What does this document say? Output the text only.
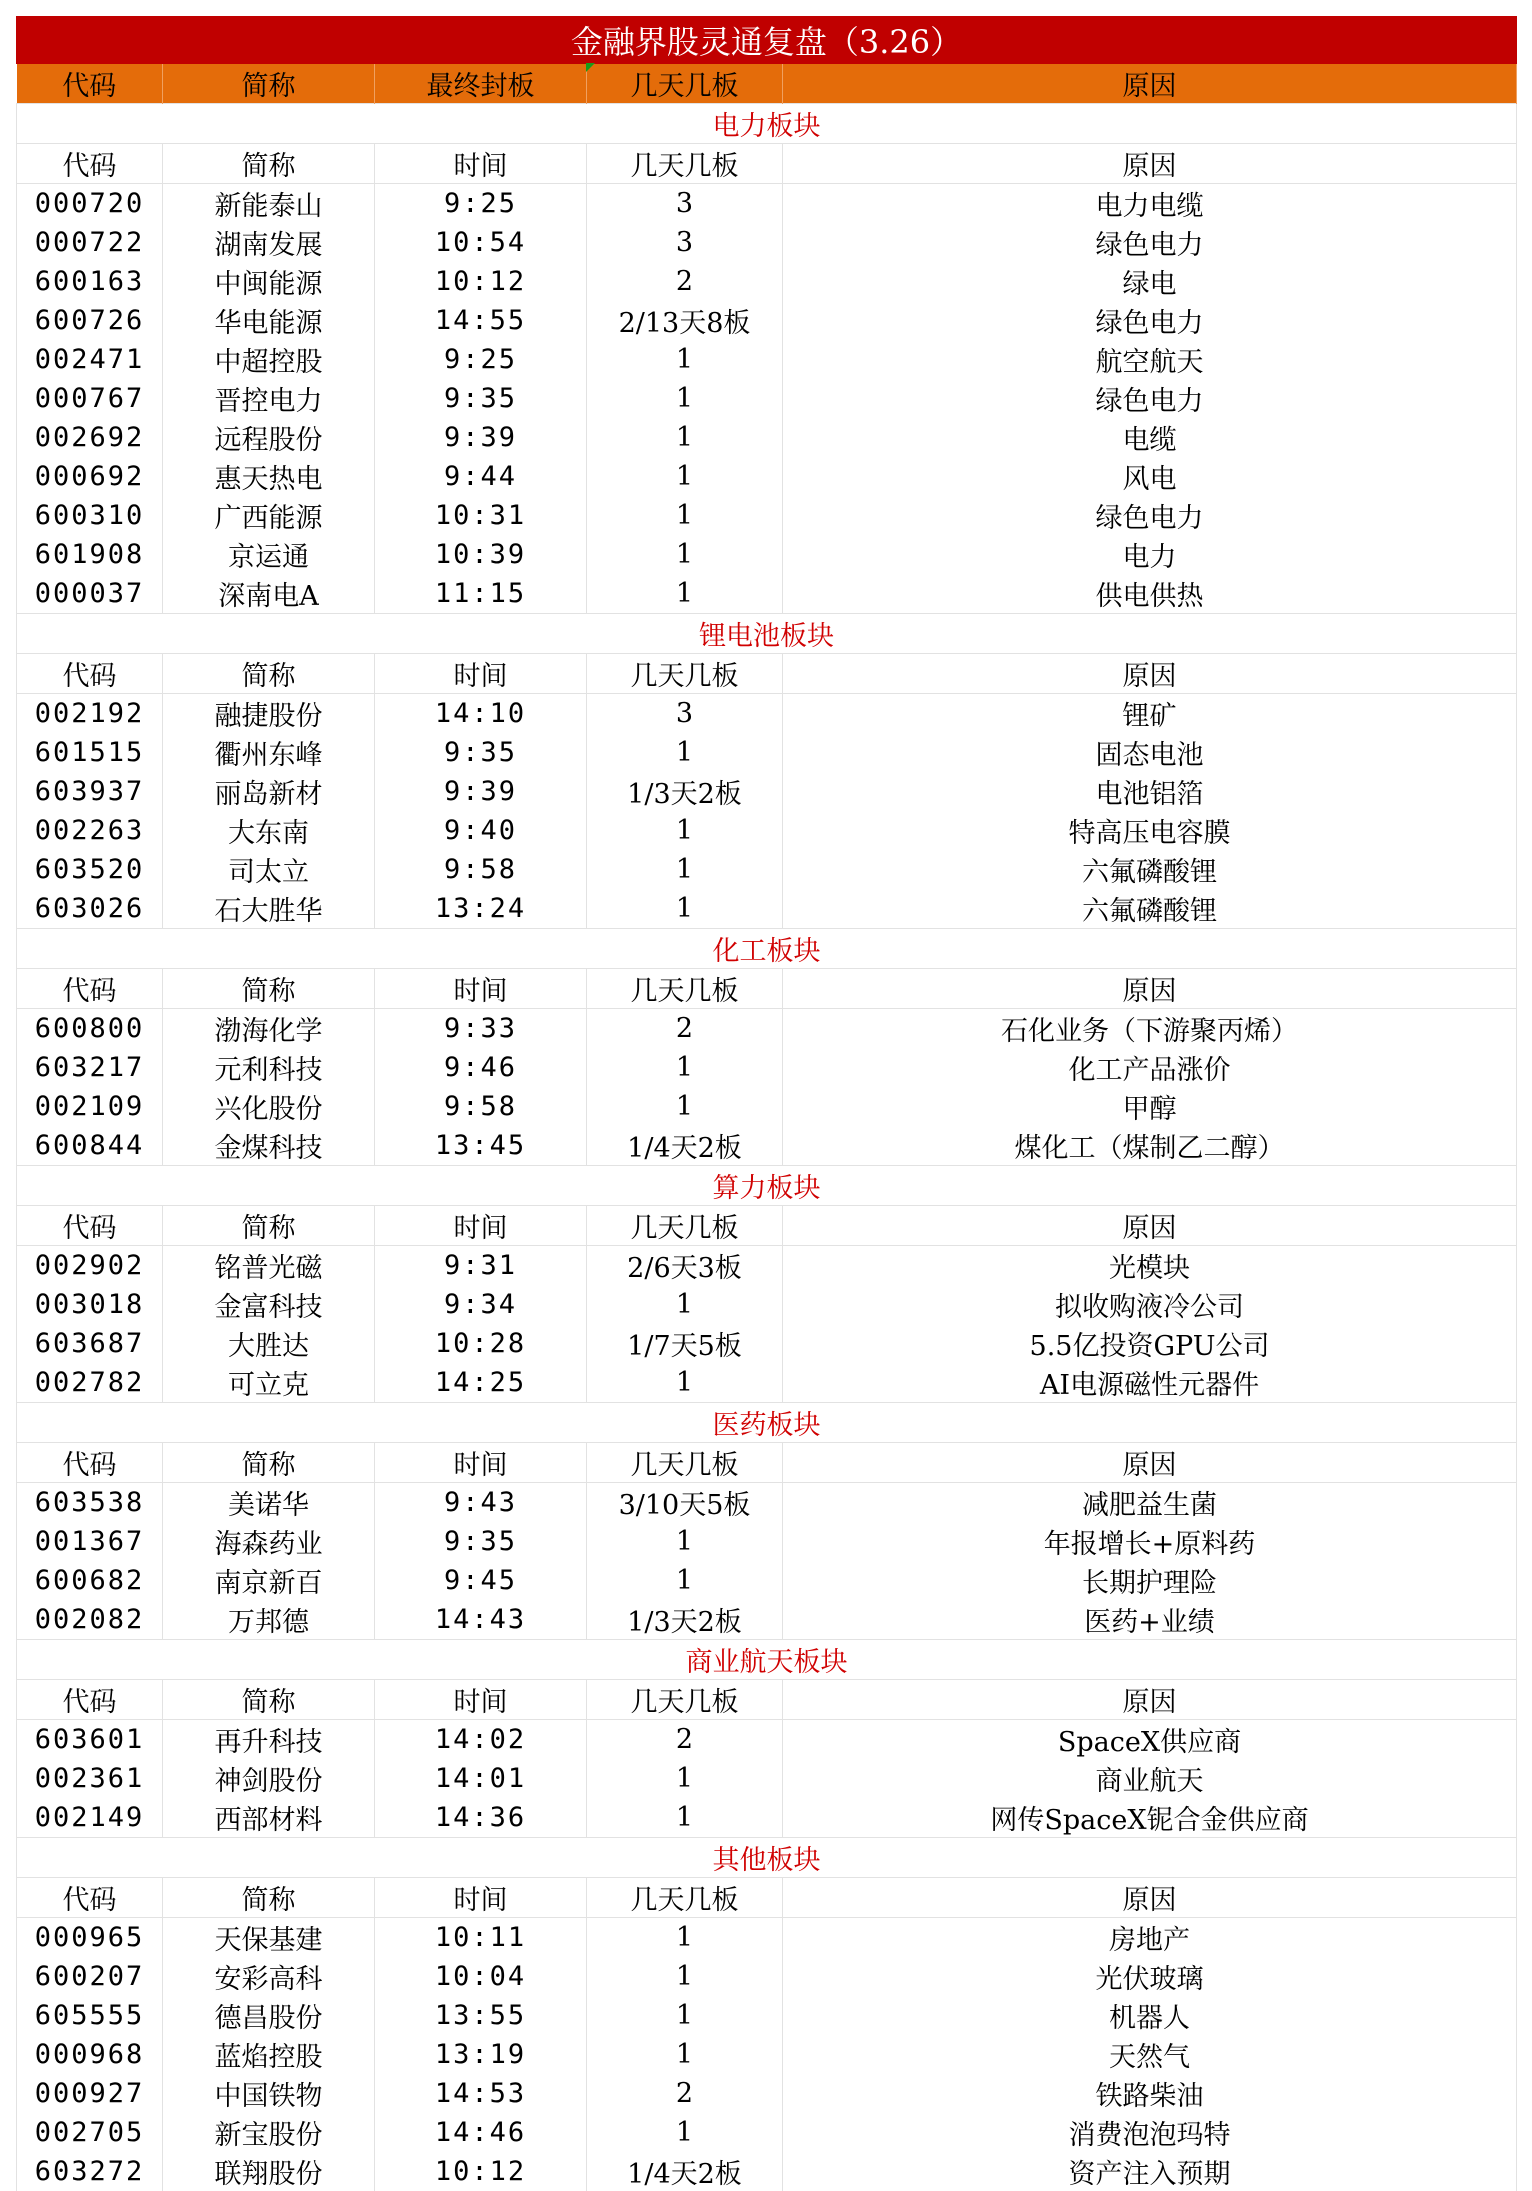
金融界股灵通复盘（3.26）				
代码	简称	最终封板	几天几板	原因
电力板块				
代码	简称	时间	几天几板	原因
000720	新能泰山	9:25	3	电力电缆
000722	湖南发展	10:54	3	绿色电力
600163	中闽能源	10:12	2	绿电
600726	华电能源	14:55	2/13天8板	绿色电力
002471	中超控股	9:25	1	航空航天
000767	晋控电力	9:35	1	绿色电力
002692	远程股份	9:39	1	电缆
000692	惠天热电	9:44	1	风电
600310	广西能源	10:31	1	绿色电力
601908	京运通	10:39	1	电力
000037	深南电A	11:15	1	供电供热
锂电池板块				
代码	简称	时间	几天几板	原因
002192	融捷股份	14:10	3	锂矿
601515	衢州东峰	9:35	1	固态电池
603937	丽岛新材	9:39	1/3天2板	电池铝箔
002263	大东南	9:40	1	特高压电容膜
603520	司太立	9:58	1	六氟磷酸锂
603026	石大胜华	13:24	1	六氟磷酸锂
化工板块				
代码	简称	时间	几天几板	原因
600800	渤海化学	9:33	2	石化业务（下游聚丙烯）
603217	元利科技	9:46	1	化工产品涨价
002109	兴化股份	9:58	1	甲醇
600844	金煤科技	13:45	1/4天2板	煤化工（煤制乙二醇）
算力板块				
代码	简称	时间	几天几板	原因
002902	铭普光磁	9:31	2/6天3板	光模块
003018	金富科技	9:34	1	拟收购液冷公司
603687	大胜达	10:28	1/7天5板	5.5亿投资GPU公司
002782	可立克	14:25	1	AI电源磁性元器件
医药板块				
代码	简称	时间	几天几板	原因
603538	美诺华	9:43	3/10天5板	减肥益生菌
001367	海森药业	9:35	1	年报增长+原料药
600682	南京新百	9:45	1	长期护理险
002082	万邦德	14:43	1/3天2板	医药+业绩
商业航天板块				
代码	简称	时间	几天几板	原因
603601	再升科技	14:02	2	SpaceX供应商
002361	神剑股份	14:01	1	商业航天
002149	西部材料	14:36	1	网传SpaceX铌合金供应商
其他板块				
代码	简称	时间	几天几板	原因
000965	天保基建	10:11	1	房地产
600207	安彩高科	10:04	1	光伏玻璃
605555	德昌股份	13:55	1	机器人
000968	蓝焰控股	13:19	1	天然气
000927	中国铁物	14:53	2	铁路柴油
002705	新宝股份	14:46	1	消费泡泡玛特
603272	联翔股份	10:12	1/4天2板	资产注入预期
